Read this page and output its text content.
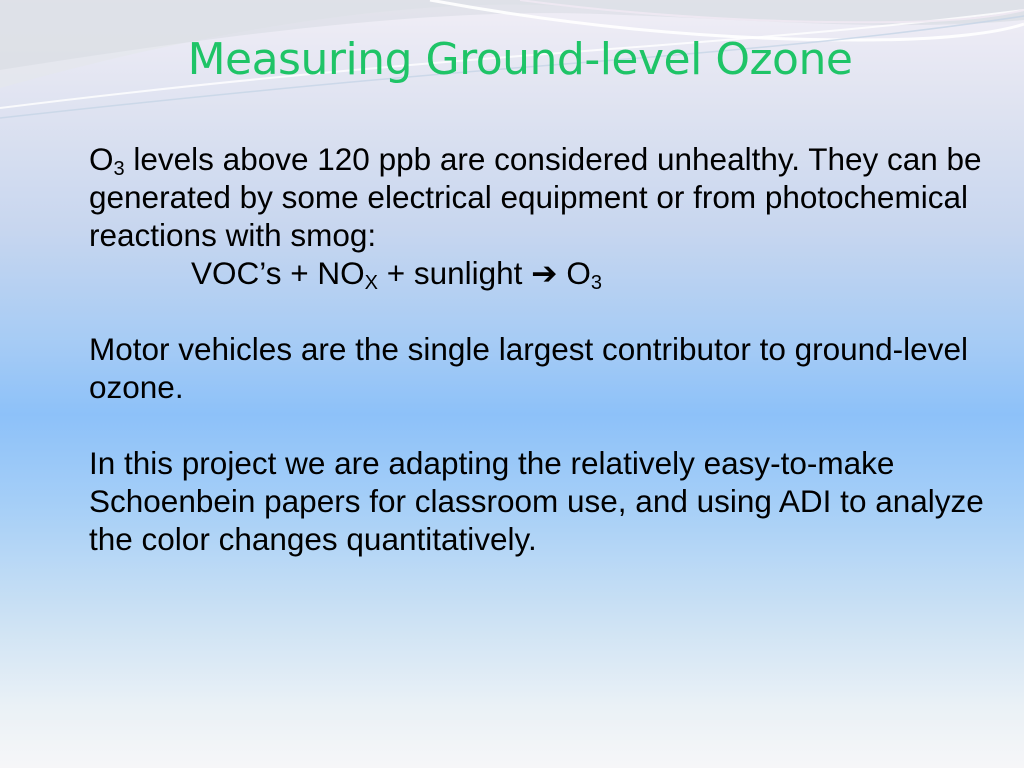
Measuring Ground-level Ozone

$O_3$ levels above 120 ppb are considered unhealthy. They can be generated by some electrical equipment or from photochemical reactions with smog:

VOC’s + $NO_X$ + sunlight ➔ $O_3$

Motor vehicles are the single largest contributor to ground-level ozone.

In this project we are adapting the relatively easy-to-make Schoenbein papers for classroom use, and using ADI to analyze the color changes quantitatively.
